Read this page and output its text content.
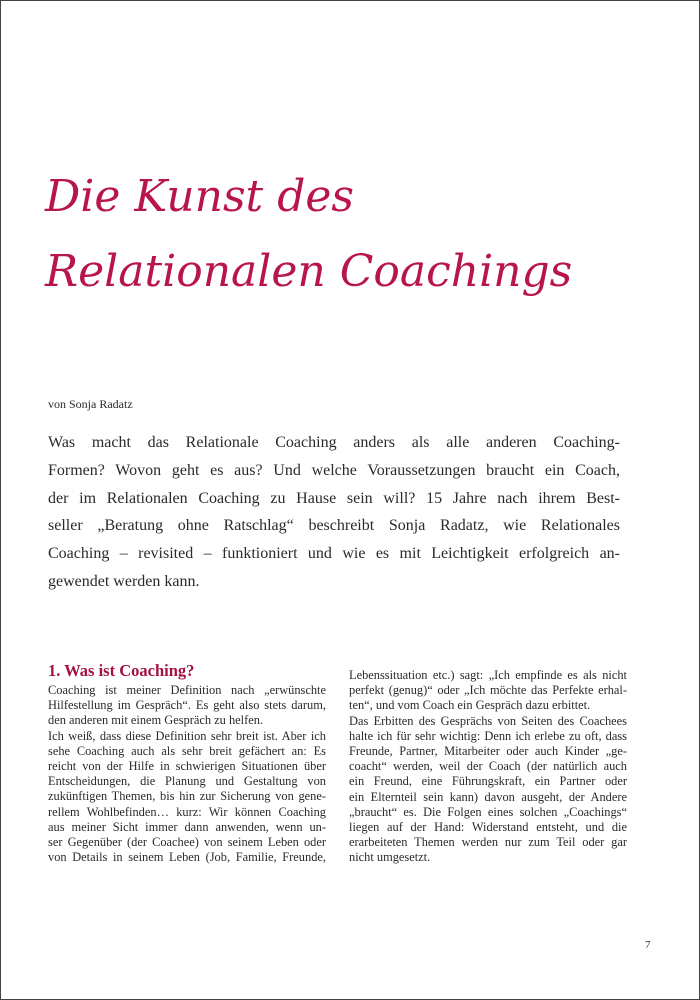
Die Kunst des
Relationalen Coachings
von Sonja Radatz
Was macht das Relationale Coaching anders als alle anderen Coaching-
Formen? Wovon geht es aus? Und welche Voraussetzungen braucht ein Coach,
der im Relationalen Coaching zu Hause sein will? 15 Jahre nach ihrem Best-
seller „Beratung ohne Ratschlag“ beschreibt Sonja Radatz, wie Relationales
Coaching – revisited – funktioniert und wie es mit Leichtigkeit erfolgreich an-
gewendet werden kann.
1. Was ist Coaching?
Coaching ist meiner Definition nach „erwünschte
Hilfestellung im Gespräch“. Es geht also stets darum,
den anderen mit einem Gespräch zu helfen.
Ich weiß, dass diese Definition sehr breit ist. Aber ich
sehe Coaching auch als sehr breit gefächert an: Es
reicht von der Hilfe in schwierigen Situationen über
Entscheidungen, die Planung und Gestaltung von
zukünftigen Themen, bis hin zur Sicherung von gene-
rellem Wohlbefinden… kurz: Wir können Coaching
aus meiner Sicht immer dann anwenden, wenn un-
ser Gegenüber (der Coachee) von seinem Leben oder
von Details in seinem Leben (Job, Familie, Freunde,
Lebenssituation etc.) sagt: „Ich empfinde es als nicht
perfekt (genug)“ oder „Ich möchte das Perfekte erhal-
ten“, und vom Coach ein Gespräch dazu erbittet.
Das Erbitten des Gesprächs von Seiten des Coachees
halte ich für sehr wichtig: Denn ich erlebe zu oft, dass
Freunde, Partner, Mitarbeiter oder auch Kinder „ge-
coacht“ werden, weil der Coach (der natürlich auch
ein Freund, eine Führungskraft, ein Partner oder
ein Elternteil sein kann) davon ausgeht, der Andere
„braucht“ es. Die Folgen eines solchen „Coachings“
liegen auf der Hand: Widerstand entsteht, und die
erarbeiteten Themen werden nur zum Teil oder gar
nicht umgesetzt.
7
